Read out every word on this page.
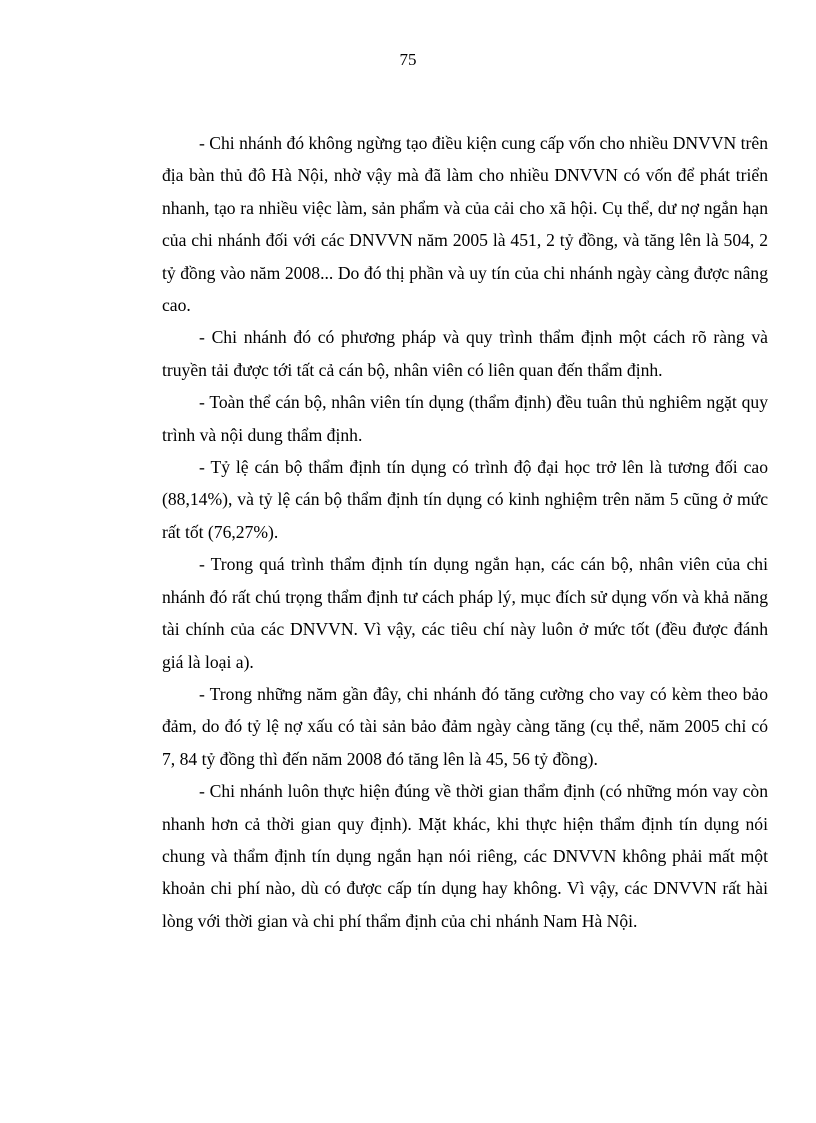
75

- Chi nhánh đó không ngừng tạo điều kiện cung cấp vốn cho nhiều DNVVN trên địa bàn thủ đô Hà Nội, nhờ vậy mà đã làm cho nhiều DNVVN có vốn để phát triển nhanh, tạo ra nhiều việc làm, sản phẩm và của cải cho xã hội. Cụ thể, dư nợ ngắn hạn của chi nhánh đối với các DNVVN năm 2005 là 451, 2 tỷ đồng, và tăng lên là 504, 2 tỷ đồng vào năm 2008... Do đó thị phần và uy tín của chi nhánh ngày càng được nâng cao.

- Chi nhánh đó có phương pháp và quy trình thẩm định một cách rõ ràng và truyền tải được tới tất cả cán bộ, nhân viên có liên quan đến thẩm định.

- Toàn thể cán bộ, nhân viên tín dụng (thẩm định) đều tuân thủ nghiêm ngặt quy trình và nội dung thẩm định.

- Tỷ lệ cán bộ thẩm định tín dụng có trình độ đại học trở lên là tương đối cao (88,14%), và tỷ lệ cán bộ thẩm định tín dụng có kinh nghiệm trên năm 5 cũng ở mức rất tốt (76,27%).

- Trong quá trình thẩm định tín dụng ngắn hạn, các cán bộ, nhân viên của chi nhánh đó rất chú trọng thẩm định tư cách pháp lý, mục đích sử dụng vốn và khả năng tài chính của các DNVVN. Vì vậy, các tiêu chí này luôn ở mức tốt (đều được đánh giá là loại a).

- Trong những năm gần đây, chi nhánh đó tăng cường cho vay có kèm theo bảo đảm, do đó tỷ lệ nợ xấu có tài sản bảo đảm ngày càng tăng (cụ thể, năm 2005 chỉ có 7, 84 tỷ đồng thì đến năm 2008 đó tăng lên là 45, 56 tỷ đồng).

- Chi nhánh luôn thực hiện đúng về thời gian thẩm định (có những món vay còn nhanh hơn cả thời gian quy định). Mặt khác, khi thực hiện thẩm định tín dụng nói chung và thẩm định tín dụng ngắn hạn nói riêng, các DNVVN không phải mất một khoản chi phí nào, dù có được cấp tín dụng hay không. Vì vậy, các DNVVN rất hài lòng với thời gian và chi phí thẩm định của chi nhánh Nam Hà Nội.
